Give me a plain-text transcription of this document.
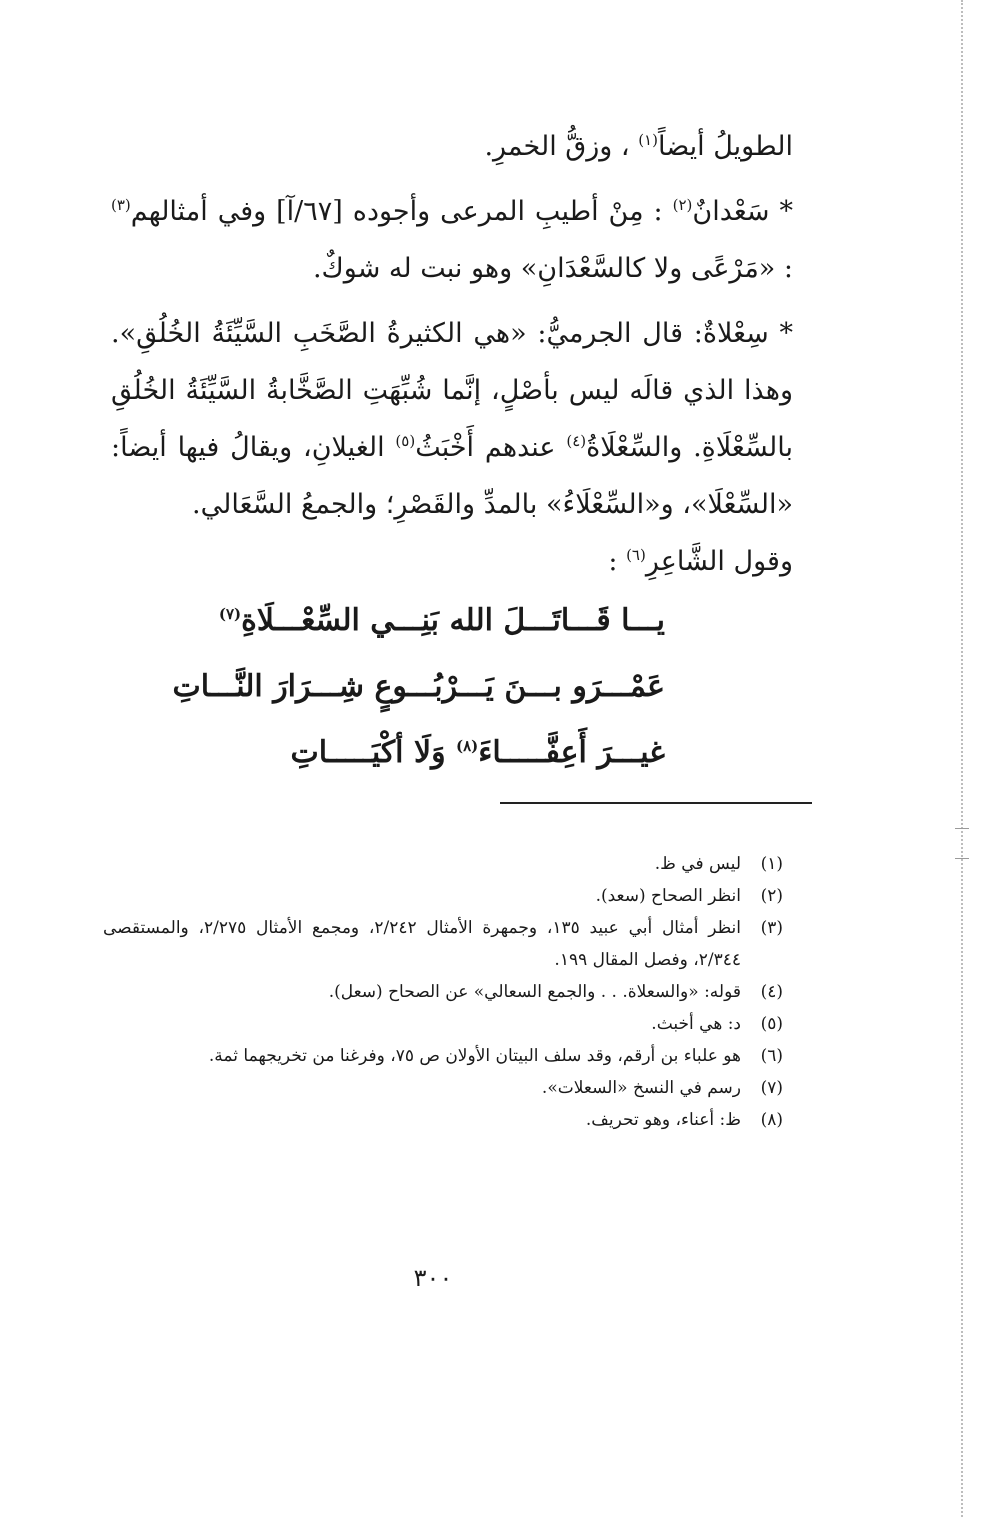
الطويلُ أيضاً$^{(١)}$ ، وزقُّ الخمرِ.

* سَعْدانٌ$^{(٢)}$ : مِنْ أطيبِ المرعى وأجوده [٦٧/آ] وفي أمثالهم$^{(٣)}$ : «مَرْعًى ولا كالسَّعْدَانِ» وهو نبت له شوكٌ.

* سِعْلاةٌ: قال الجرميُّ: «هي الكثيرةُ الصَّخَبِ السَّيِّئَةُ الخُلُقِ». وهذا الذي قالَه ليس بأصْلٍ، إنَّما شُبِّهَتِ الصَّخَّابةُ السَّيِّئَةُ الخُلُقِ بالسِّعْلَاةِ. والسِّعْلَاةُ$^{(٤)}$ عندهم أَخْبَثُ$^{(٥)}$ الغيلانِ، ويقالُ فيها أيضاً: «السِّعْلَا»، و«السِّعْلَاءُ» بالمدِّ والقَصْرِ؛ والجمعُ السَّعَالي.

وقول الشَّاعِرِ$^{(٦)}$ :

يـــا قَـــاتَـــلَ الله بَنِـــي السِّعْـــلَاةِ$^{(٧)}$
عَمْـــرَو بـــنَ يَـــرْبُـــوعٍ شِـــرَارَ النَّـــاتِ
غيـــرَ أَعِفَّـــــاءَ$^{(٨)}$ وَلَا أكْيَـــــاتِ
(١)
ليس في ظ.
(٢)
انظر الصحاح (سعد).
(٣)
انظر أمثال أبي عبيد ١٣٥، وجمهرة الأمثال ٢/٢٤٢، ومجمع الأمثال ٢/٢٧٥، والمستقصى ٢/٣٤٤، وفصل المقال ١٩٩.
(٤)
قوله: «والسعلاة. . . والجمع السعالي» عن الصحاح (سعل).
(٥)
د: هي أخبث.
(٦)
هو علباء بن أرقم، وقد سلف البيتان الأولان ص ٧٥، وفرغنا من تخريجهما ثمة.
(٧)
رسم في النسخ «السعلات».
(٨)
ظ: أعناء، وهو تحريف.
٣٠٠
